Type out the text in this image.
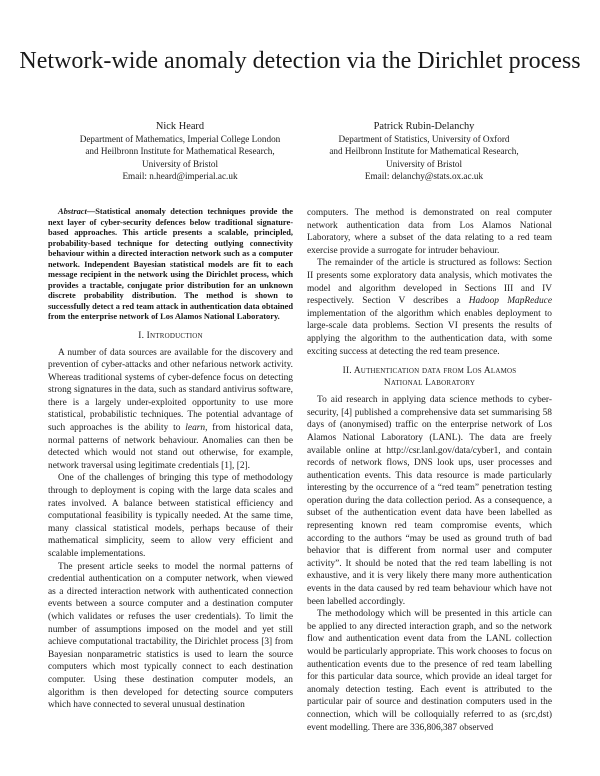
Network-wide anomaly detection via the Dirichlet process
Nick Heard
Department of Mathematics, Imperial College London
and Heilbronn Institute for Mathematical Research,
University of Bristol
Email: n.heard@imperial.ac.uk
Patrick Rubin-Delanchy
Department of Statistics, University of Oxford
and Heilbronn Institute for Mathematical Research,
University of Bristol
Email: delanchy@stats.ox.ac.uk

Abstract—Statistical anomaly detection techniques provide the next layer of cyber-security defences below traditional signature-based approaches. This article presents a scalable, principled, probability-based technique for detecting outlying connectivity behaviour within a directed interaction network such as a computer network. Independent Bayesian statistical models are fit to each message recipient in the network using the Dirichlet process, which provides a tractable, conjugate prior distribution for an unknown discrete probability distribution. The method is shown to successfully detect a red team attack in authentication data obtained from the enterprise network of Los Alamos National Laboratory.

I. Introduction

A number of data sources are available for the discovery and prevention of cyber-attacks and other nefarious network activity. Whereas traditional systems of cyber-defence focus on detecting strong signatures in the data, such as standard antivirus software, there is a largely under-exploited opportunity to use more statistical, probabilistic techniques. The potential advantage of such approaches is the ability to learn, from historical data, normal patterns of network behaviour. Anomalies can then be detected which would not stand out otherwise, for example, network traversal using legitimate credentials [1], [2].

One of the challenges of bringing this type of methodology through to deployment is coping with the large data scales and rates involved. A balance between statistical efficiency and computational feasibility is typically needed. At the same time, many classical statistical models, perhaps because of their mathematical simplicity, seem to allow very efficient and scalable implementations.

The present article seeks to model the normal patterns of credential authentication on a computer network, when viewed as a directed interaction network with authenticated connection events between a source computer and a destination computer (which validates or refuses the user credentials). To limit the number of assumptions imposed on the model and yet still achieve computational tractability, the Dirichlet process [3] from Bayesian nonparametric statistics is used to learn the source computers which most typically connect to each destination computer. Using these destination computer models, an algorithm is then developed for detecting source computers which have connected to several unusual destination

computers. The method is demonstrated on real computer network authentication data from Los Alamos National Laboratory, where a subset of the data relating to a red team exercise provide a surrogate for intruder behaviour.

The remainder of the article is structured as follows: Section II presents some exploratory data analysis, which motivates the model and algorithm developed in Sections III and IV respectively. Section V describes a Hadoop MapReduce implementation of the algorithm which enables deployment to large-scale data problems. Section VI presents the results of applying the algorithm to the authentication data, with some exciting success at detecting the red team presence.

II. Authentication data from Los Alamos
National Laboratory

To aid research in applying data science methods to cyber-security, [4] published a comprehensive data set summarising 58 days of (anonymised) traffic on the enterprise network of Los Alamos National Laboratory (LANL). The data are freely available online at http://csr.lanl.gov/data/cyber1, and contain records of network flows, DNS look ups, user processes and authentication events. This data resource is made particularly interesting by the occurrence of a “red team” penetration testing operation during the data collection period. As a consequence, a subset of the authentication event data have been labelled as representing known red team compromise events, which according to the authors “may be used as ground truth of bad behavior that is different from normal user and computer activity”. It should be noted that the red team labelling is not exhaustive, and it is very likely there many more authentication events in the data caused by red team behaviour which have not been labelled accordingly.

The methodology which will be presented in this article can be applied to any directed interaction graph, and so the network flow and authentication event data from the LANL collection would be particularly appropriate. This work chooses to focus on authentication events due to the presence of red team labelling for this particular data source, which provide an ideal target for anomaly detection testing. Each event is attributed to the particular pair of source and destination computers used in the connection, which will be colloquially referred to as (src,dst) event modelling. There are 336,806,387 observed
